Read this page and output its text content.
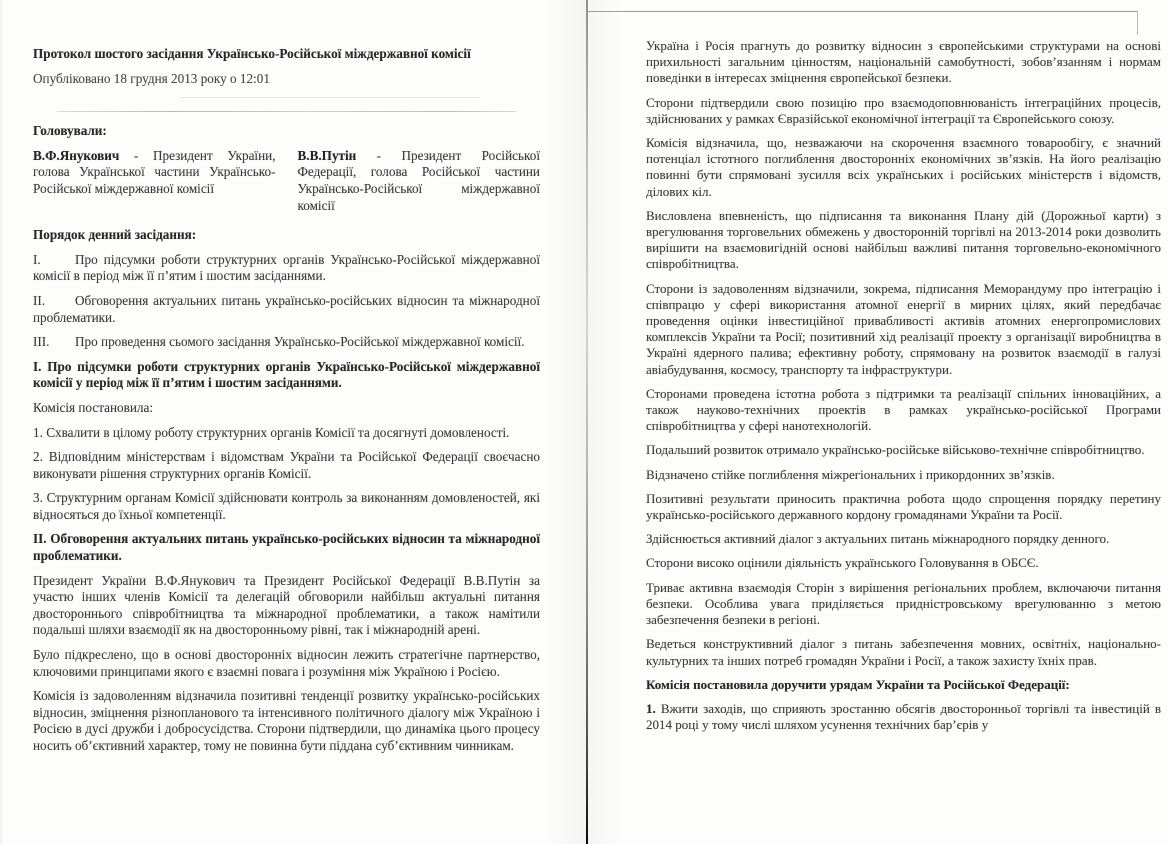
Протокол шостого засідання Українсько-Російської міждержавної комісії

Опубліковано 18 грудня 2013 року о 12:01

Головували:

В.Ф.Янукович - Президент України, голова Української частини Українсько-Російської міждержавної комісії
В.В.Путін - Президент Російської Федерації, голова Російської частини Українсько-Російської міждержавної комісії

Порядок денний засідання:

I.	Про підсумки роботи структурних органів Українсько-Російської міждержавної комісії в період між її п’ятим і шостим засіданнями.

II. Обговорення актуальних питань українсько-російських відносин та міжнародної проблематики.

III. Про проведення сьомого засідання Українсько-Російської міждержавної комісії.

I. Про підсумки роботи структурних органів Українсько-Російської міждержавної комісії у період між її п’ятим і шостим засіданнями.

Комісія постановила:

1. Схвалити в цілому роботу структурних органів Комісії та досягнуті домовленості.

2. Відповідним міністерствам і відомствам України та Російської Федерації своєчасно виконувати рішення структурних органів Комісії.

3. Структурним органам Комісії здійснювати контроль за виконанням домовленостей, які відносяться до їхньої компетенції.

II. Обговорення актуальних питань українсько-російських відносин та міжнародної проблематики.

Президент України В.Ф.Янукович та Президент Російської Федерації В.В.Путін за участю інших членів Комісії та делегацій обговорили найбільш актуальні питання двостороннього співробітництва та міжнародної проблематики, а також намітили подальші шляхи взаємодії як на двосторонньому рівні, так і міжнародній арені.

Було підкреслено, що в основі двосторонніх відносин лежить стратегічне партнерство, ключовими принципами якого є взаємні повага і розуміння між Україною і Росією.

Комісія із задоволенням відзначила позитивні тенденції розвитку українсько-російських відносин, зміцнення різнопланового та інтенсивного політичного діалогу між Україною і Росією в дусі дружби і добросусідства. Сторони підтвердили, що динаміка цього процесу носить об’єктивний характер, тому не повинна бути піддана суб’єктивним чинникам.

Україна і Росія прагнуть до розвитку відносин з європейськими структурами на основі прихильності загальним цінностям, національній самобутності, зобов’язанням і нормам поведінки в інтересах зміцнення європейської безпеки.

Сторони підтвердили свою позицію про взаємодоповнюваність інтеграційних процесів, здійснюваних у рамках Євразійської економічної інтеграції та Європейського союзу.

Комісія відзначила, що, незважаючи на скорочення взаємного товарообігу, є значний потенціал істотного поглиблення двосторонніх економічних зв’язків. На його реалізацію повинні бути спрямовані зусилля всіх українських і російських міністерств і відомств, ділових кіл.

Висловлена впевненість, що підписання та виконання Плану дій (Дорожньої карти) з врегулювання торговельних обмежень у двосторонній торгівлі на 2013-2014 роки дозволить вирішити на взаємовигідній основі найбільш важливі питання торговельно-економічного співробітництва.

Сторони із задоволенням відзначили, зокрема, підписання Меморандуму про інтеграцію і співпрацю у сфері використання атомної енергії в мирних цілях, який передбачає проведення оцінки інвестиційної привабливості активів атомних енергопромислових комплексів України та Росії; позитивний хід реалізації проекту з організації виробництва в Україні ядерного палива; ефективну роботу, спрямовану на розвиток взаємодії в галузі авіабудування, космосу, транспорту та інфраструктури.

Сторонами проведена істотна робота з підтримки та реалізації спільних інноваційних, а також науково-технічних проектів в рамках українсько-російської Програми співробітництва у сфері нанотехнологій.

Подальший розвиток отримало українсько-російське військово-технічне співробітництво.

Відзначено стійке поглиблення міжрегіональних і прикордонних зв’язків.

Позитивні результати приносить практична робота щодо спрощення порядку перетину українсько-російського державного кордону громадянами України та Росії.

Здійснюється активний діалог з актуальних питань міжнародного порядку денного.

Сторони високо оцінили діяльність українського Головування в ОБСЄ.

Триває активна взаємодія Сторін з вирішення регіональних проблем, включаючи питання безпеки. Особлива увага приділяється придністровському врегулюванню з метою забезпечення безпеки в регіоні.

Ведеться конструктивний діалог з питань забезпечення мовних, освітніх, національно-культурних та інших потреб громадян України і Росії, а також захисту їхніх прав.

Комісія постановила доручити урядам України та Російської Федерації:

1. Вжити заходів, що сприяють зростанню обсягів двосторонньої торгівлі та інвестицій в 2014 році у тому числі шляхом усунення технічних бар’єрів у
